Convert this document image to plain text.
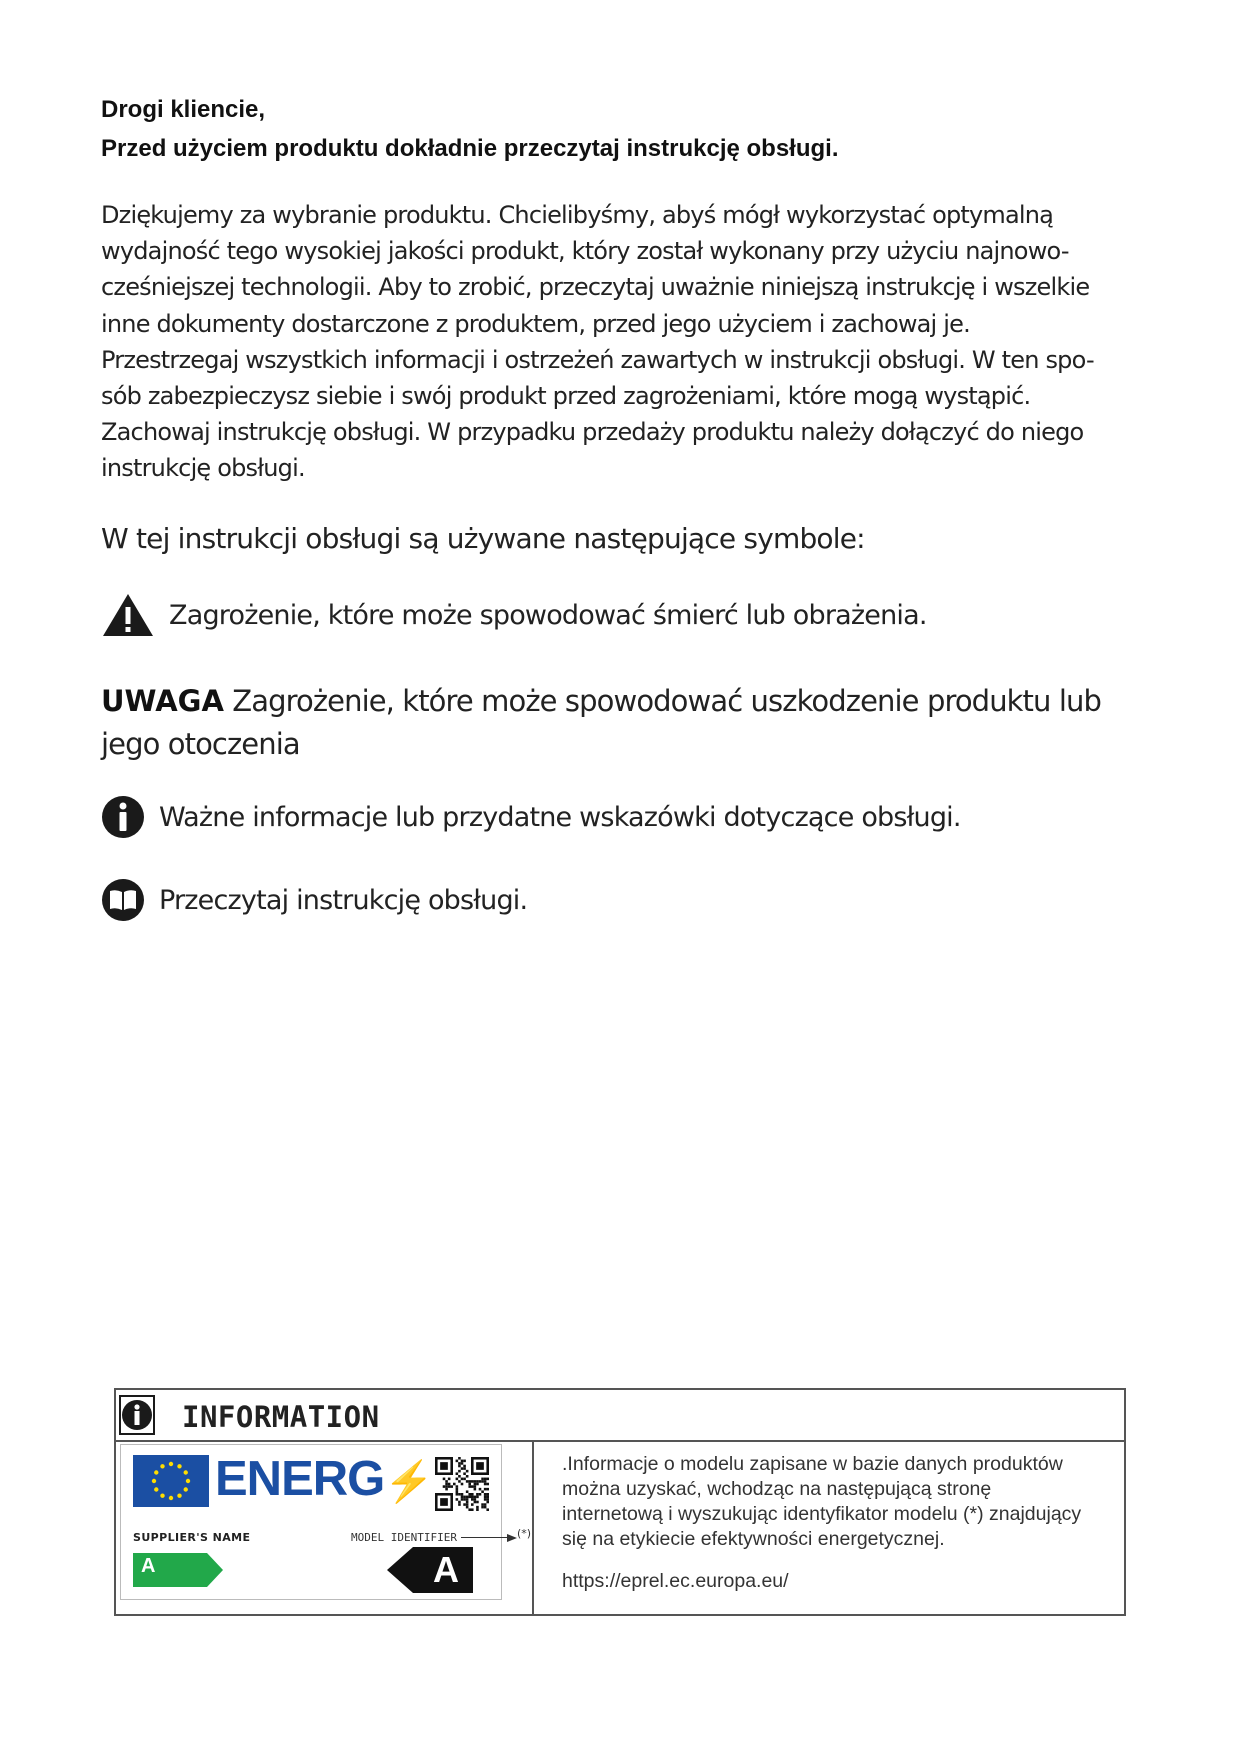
Drogi kliencie,
Przed użyciem produktu dokładnie przeczytaj instrukcję obsługi.

Dziękujemy za wybranie produktu. Chcielibyśmy, abyś mógł wykorzystać optymalną

wydajność tego wysokiej jakości produkt, który został wykonany przy użyciu najnowo-

cześniejszej technologii. Aby to zrobić, przeczytaj uważnie niniejszą instrukcję i wszelkie

inne dokumenty dostarczone z produktem, przed jego użyciem i zachowaj je.

Przestrzegaj wszystkich informacji i ostrzeżeń zawartych w instrukcji obsługi. W ten spo-

sób zabezpieczysz siebie i swój produkt przed zagrożeniami, które mogą wystąpić.

Zachowaj instrukcję obsługi. W przypadku przedaży produktu należy dołączyć do niego

instrukcję obsługi.

W tej instrukcji obsługi są używane następujące symbole:
Zagrożenie, które może spowodować śmierć lub obrażenia.
UWAGA Zagrożenie, które może spowodować uszkodzenie produktu lub jego otoczenia
Ważne informacje lub przydatne wskazówki dotyczące obsługi.
Przeczytaj instrukcję obsługi.
INFORMATION
ENERG⚡
SUPPLIER'S NAME	MODEL IDENTIFIER	(*)
A	A

.Informacje o modelu zapisane w bazie danych produktów

można uzyskać, wchodząc na następującą stronę

internetową i wyszukując identyfikator modelu (*) znajdujący

się na etykiecie efektywności energetycznej.

https://eprel.ec.europa.eu/
